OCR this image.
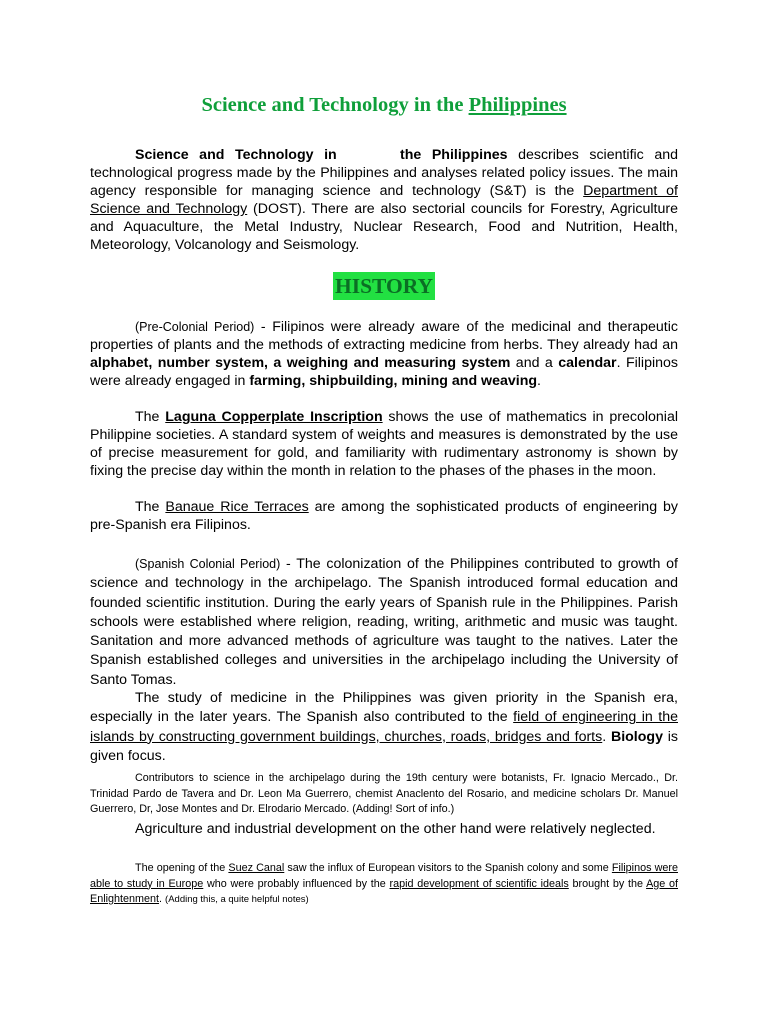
Science and Technology in the Philippines

Science and Technology in      the Philippines describes scientific and technological progress made by the Philippines and analyses related policy issues. The main agency responsible for managing science and technology (S&T) is the Department of Science and Technology (DOST). There are also sectorial councils for Forestry, Agriculture and Aquaculture, the Metal Industry, Nuclear Research, Food and Nutrition, Health, Meteorology, Volcanology and Seismology.

HISTORY

(Pre-Colonial Period) - Filipinos were already aware of the medicinal and therapeutic properties of plants and the methods of extracting medicine from herbs. They already had an alphabet, number system, a weighing and measuring system and a calendar. Filipinos were already engaged in farming, shipbuilding, mining and weaving.

The Laguna Copperplate Inscription shows the use of mathematics in precolonial Philippine societies. A standard system of weights and measures is demonstrated by the use of precise measurement for gold, and familiarity with rudimentary astronomy is shown by fixing the precise day within the month in relation to the phases of the phases in the moon.

The Banaue Rice Terraces are among the sophisticated products of engineering by pre-Spanish era Filipinos.

(Spanish Colonial Period) - The colonization of the Philippines contributed to growth of science and technology in the archipelago. The Spanish introduced formal education and founded scientific institution. During the early years of Spanish rule in the Philippines. Parish schools were established where religion, reading, writing, arithmetic and music was taught. Sanitation and more advanced methods of agriculture was taught to the natives. Later the Spanish established colleges and universities in the archipelago including the University of Santo Tomas.

The study of medicine in the Philippines was given priority in the Spanish era, especially in the later years. The Spanish also contributed to the field of engineering in the islands by constructing government buildings, churches, roads, bridges and forts. Biology is given focus.

Contributors to science in the archipelago during the 19th century were botanists, Fr. Ignacio Mercado., Dr. Trinidad Pardo de Tavera and Dr. Leon Ma Guerrero, chemist Anaclento del Rosario, and medicine scholars Dr. Manuel Guerrero, Dr, Jose Montes and Dr. Elrodario Mercado. (Adding! Sort of info.)

Agriculture and industrial development on the other hand were relatively neglected.

The opening of the Suez Canal saw the influx of European visitors to the Spanish colony and some Filipinos were able to study in Europe who were probably influenced by the rapid development of scientific ideals brought by the Age of Enlightenment. (Adding this, a quite helpful notes)
